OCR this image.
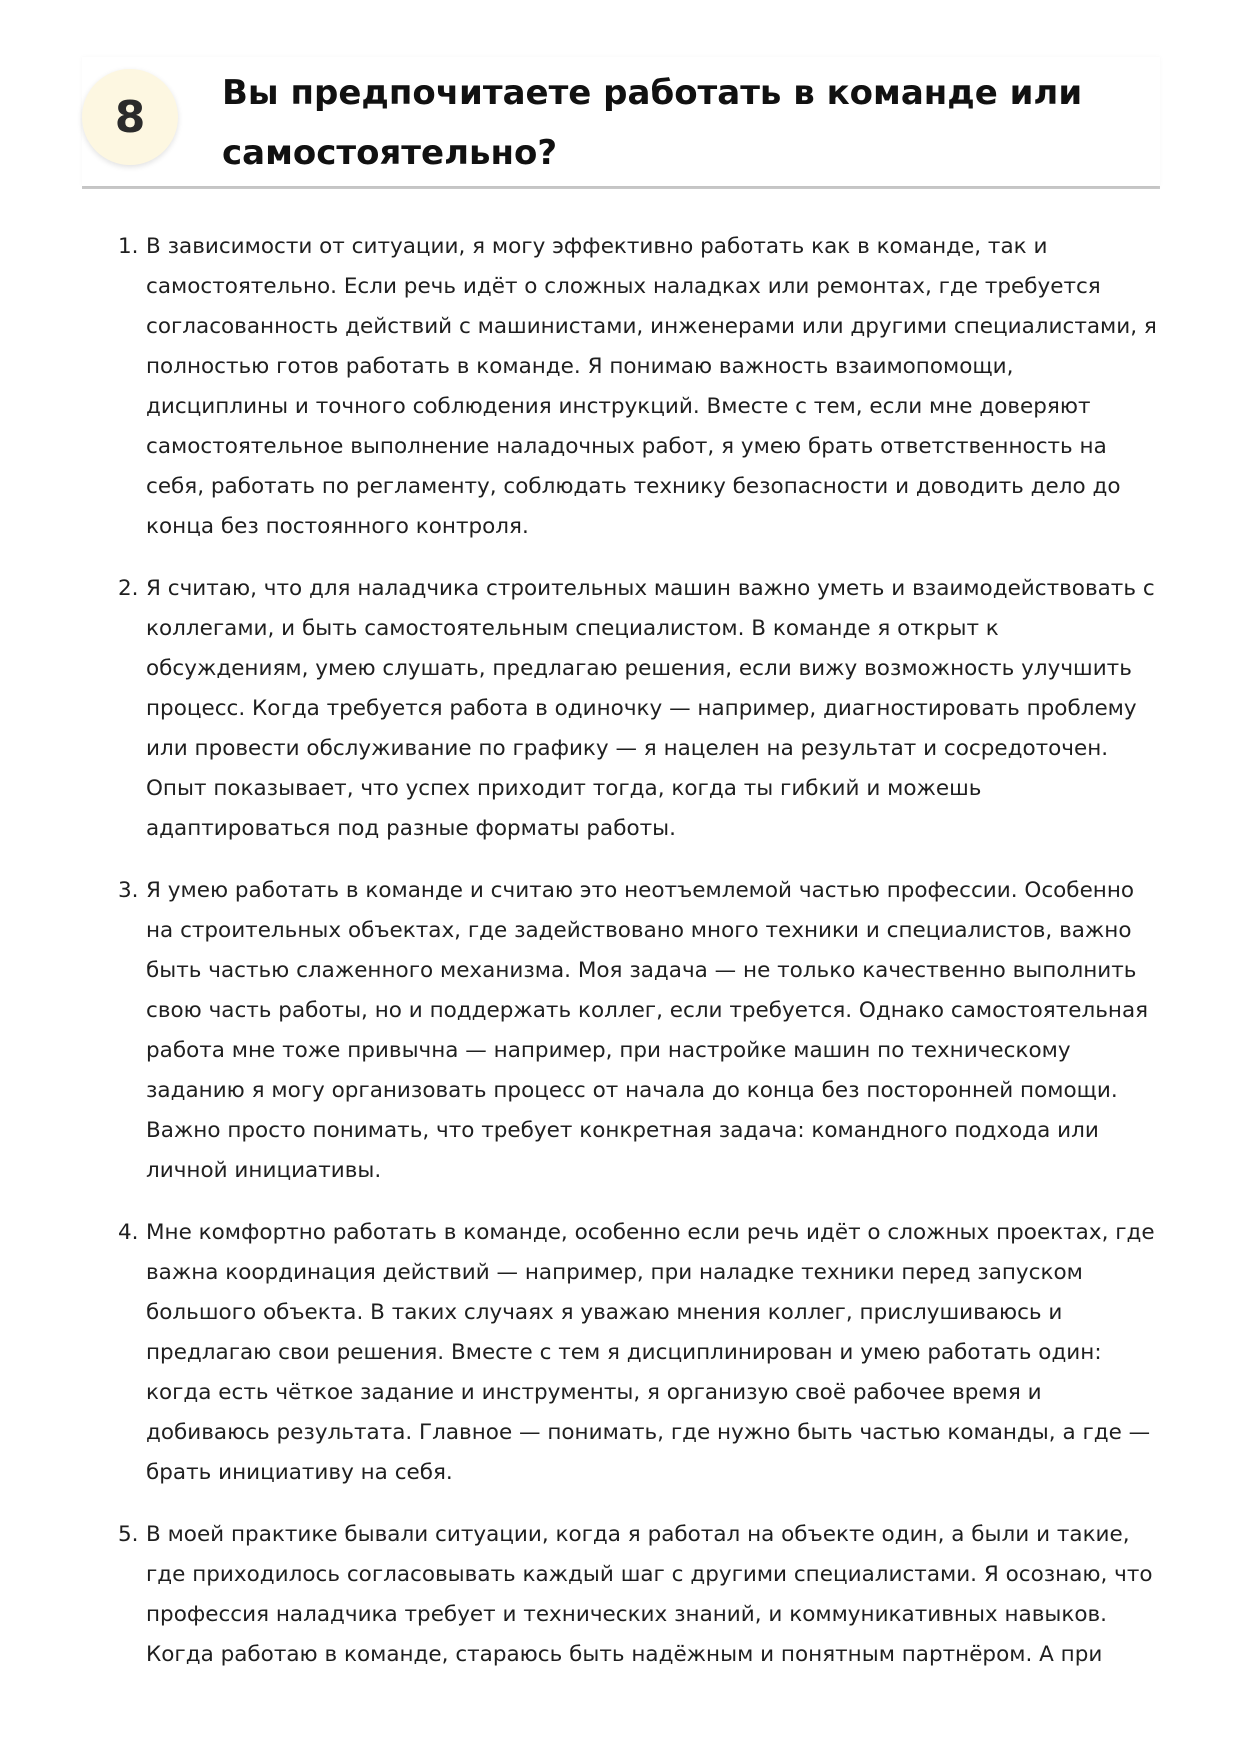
8	Вы предпочитаете работать в команде или самостоятельно?
1. В зависимости от ситуации, я могу эффективно работать как в команде, так и самостоятельно. Если речь идёт о сложных наладках или ремонтах, где требуется согласованность действий с машинистами, инженерами или другими специалистами, я полностью готов работать в команде. Я понимаю важность взаимопомощи, дисциплины и точного соблюдения инструкций. Вместе с тем, если мне доверяют самостоятельное выполнение наладочных работ, я умею брать ответственность на себя, работать по регламенту, соблюдать технику безопасности и доводить дело до конца без постоянного контроля.
2. Я считаю, что для наладчика строительных машин важно уметь и взаимодействовать с коллегами, и быть самостоятельным специалистом. В команде я открыт к обсуждениям, умею слушать, предлагаю решения, если вижу возможность улучшить процесс. Когда требуется работа в одиночку — например, диагностировать проблему или провести обслуживание по графику — я нацелен на результат и сосредоточен. Опыт показывает, что успех приходит тогда, когда ты гибкий и можешь адаптироваться под разные форматы работы.
3. Я умею работать в команде и считаю это неотъемлемой частью профессии. Особенно на строительных объектах, где задействовано много техники и специалистов, важно быть частью слаженного механизма. Моя задача — не только качественно выполнить свою часть работы, но и поддержать коллег, если требуется. Однако самостоятельная работа мне тоже привычна — например, при настройке машин по техническому заданию я могу организовать процесс от начала до конца без посторонней помощи. Важно просто понимать, что требует конкретная задача: командного подхода или личной инициативы.
4. Мне комфортно работать в команде, особенно если речь идёт о сложных проектах, где важна координация действий — например, при наладке техники перед запуском большого объекта. В таких случаях я уважаю мнения коллег, прислушиваюсь и предлагаю свои решения. Вместе с тем я дисциплинирован и умею работать один: когда есть чёткое задание и инструменты, я организую своё рабочее время и добиваюсь результата. Главное — понимать, где нужно быть частью команды, а где — брать инициативу на себя.
5. В моей практике бывали ситуации, когда я работал на объекте один, а были и такие, где приходилось согласовывать каждый шаг с другими специалистами. Я осознаю, что профессия наладчика требует и технических знаний, и коммуникативных навыков. Когда работаю в команде, стараюсь быть надёжным и понятным партнёром. А при
